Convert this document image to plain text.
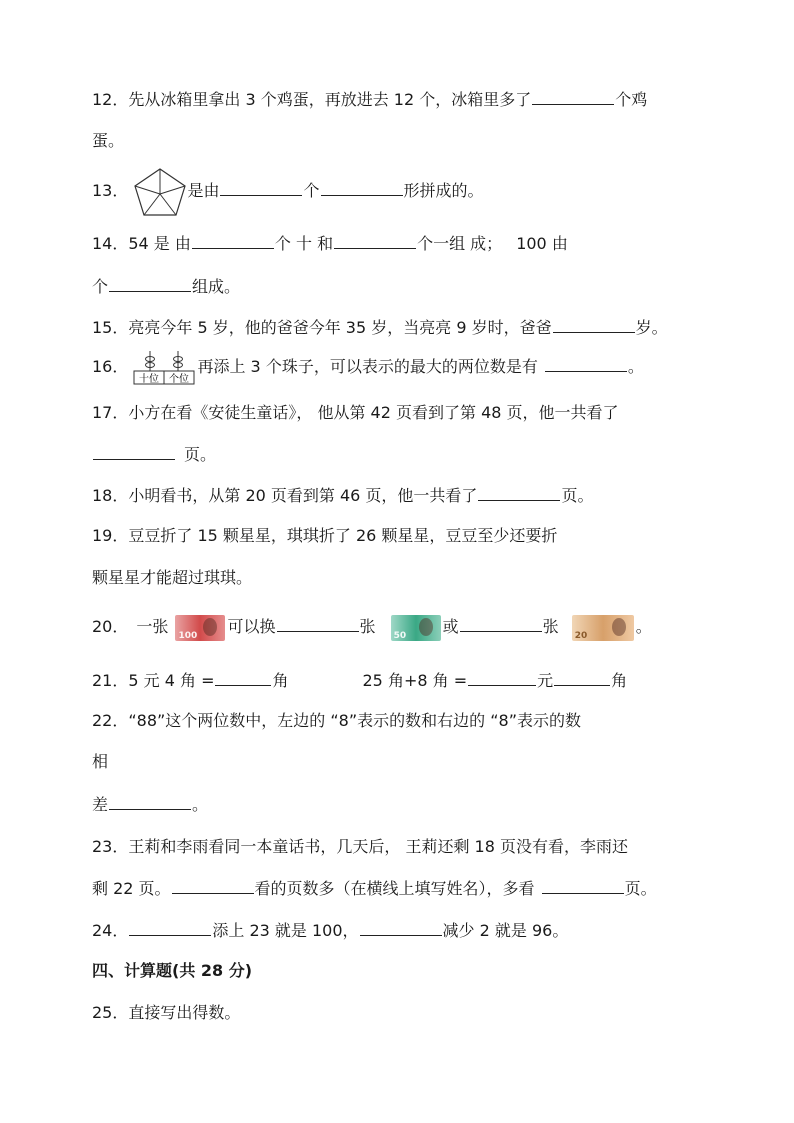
12．先从冰箱里拿出 3 个鸡蛋，再放进去 12 个，冰箱里多了	个鸡
蛋。
13．	是由	个	形拼成的。
14．54 是 由	个 十 和	个一组 成； 100 由
个	组成。
15．亮亮今年 5 岁，他的爸爸今年 35 岁，当亮亮 9 岁时，爸爸	岁。
16．
十位 个位
再添上 3 个珠子，可以表示的最大的两位数是有	。
17．小方在看《安徒生童话》， 他从第 42 页看到了第 48 页，他一共看了
页。
18．小明看书，从第 20 页看到第 46 页，他一共看了	页。
19．豆豆折了 15 颗星星，琪琪折了 26 颗星星，豆豆至少还要折
颗星星才能超过琪琪。
20． 一张 100 可以换	张 50 或	张 20	。
21．5 元 4 角 =	角	25 角+8 角 =	元	角
22．“88”这个两位数中，左边的 “8”表示的数和右边的 “8”表示的数
相
差	。
23．王莉和李雨看同一本童话书，几天后， 王莉还剩 18 页没有看，李雨还
剩 22 页。	看的页数多（在横线上填写姓名），多看	页。
24．	添上 23 就是 100，	减少 2 就是 96。
四、计算题(共 28 分)
25．直接写出得数。
